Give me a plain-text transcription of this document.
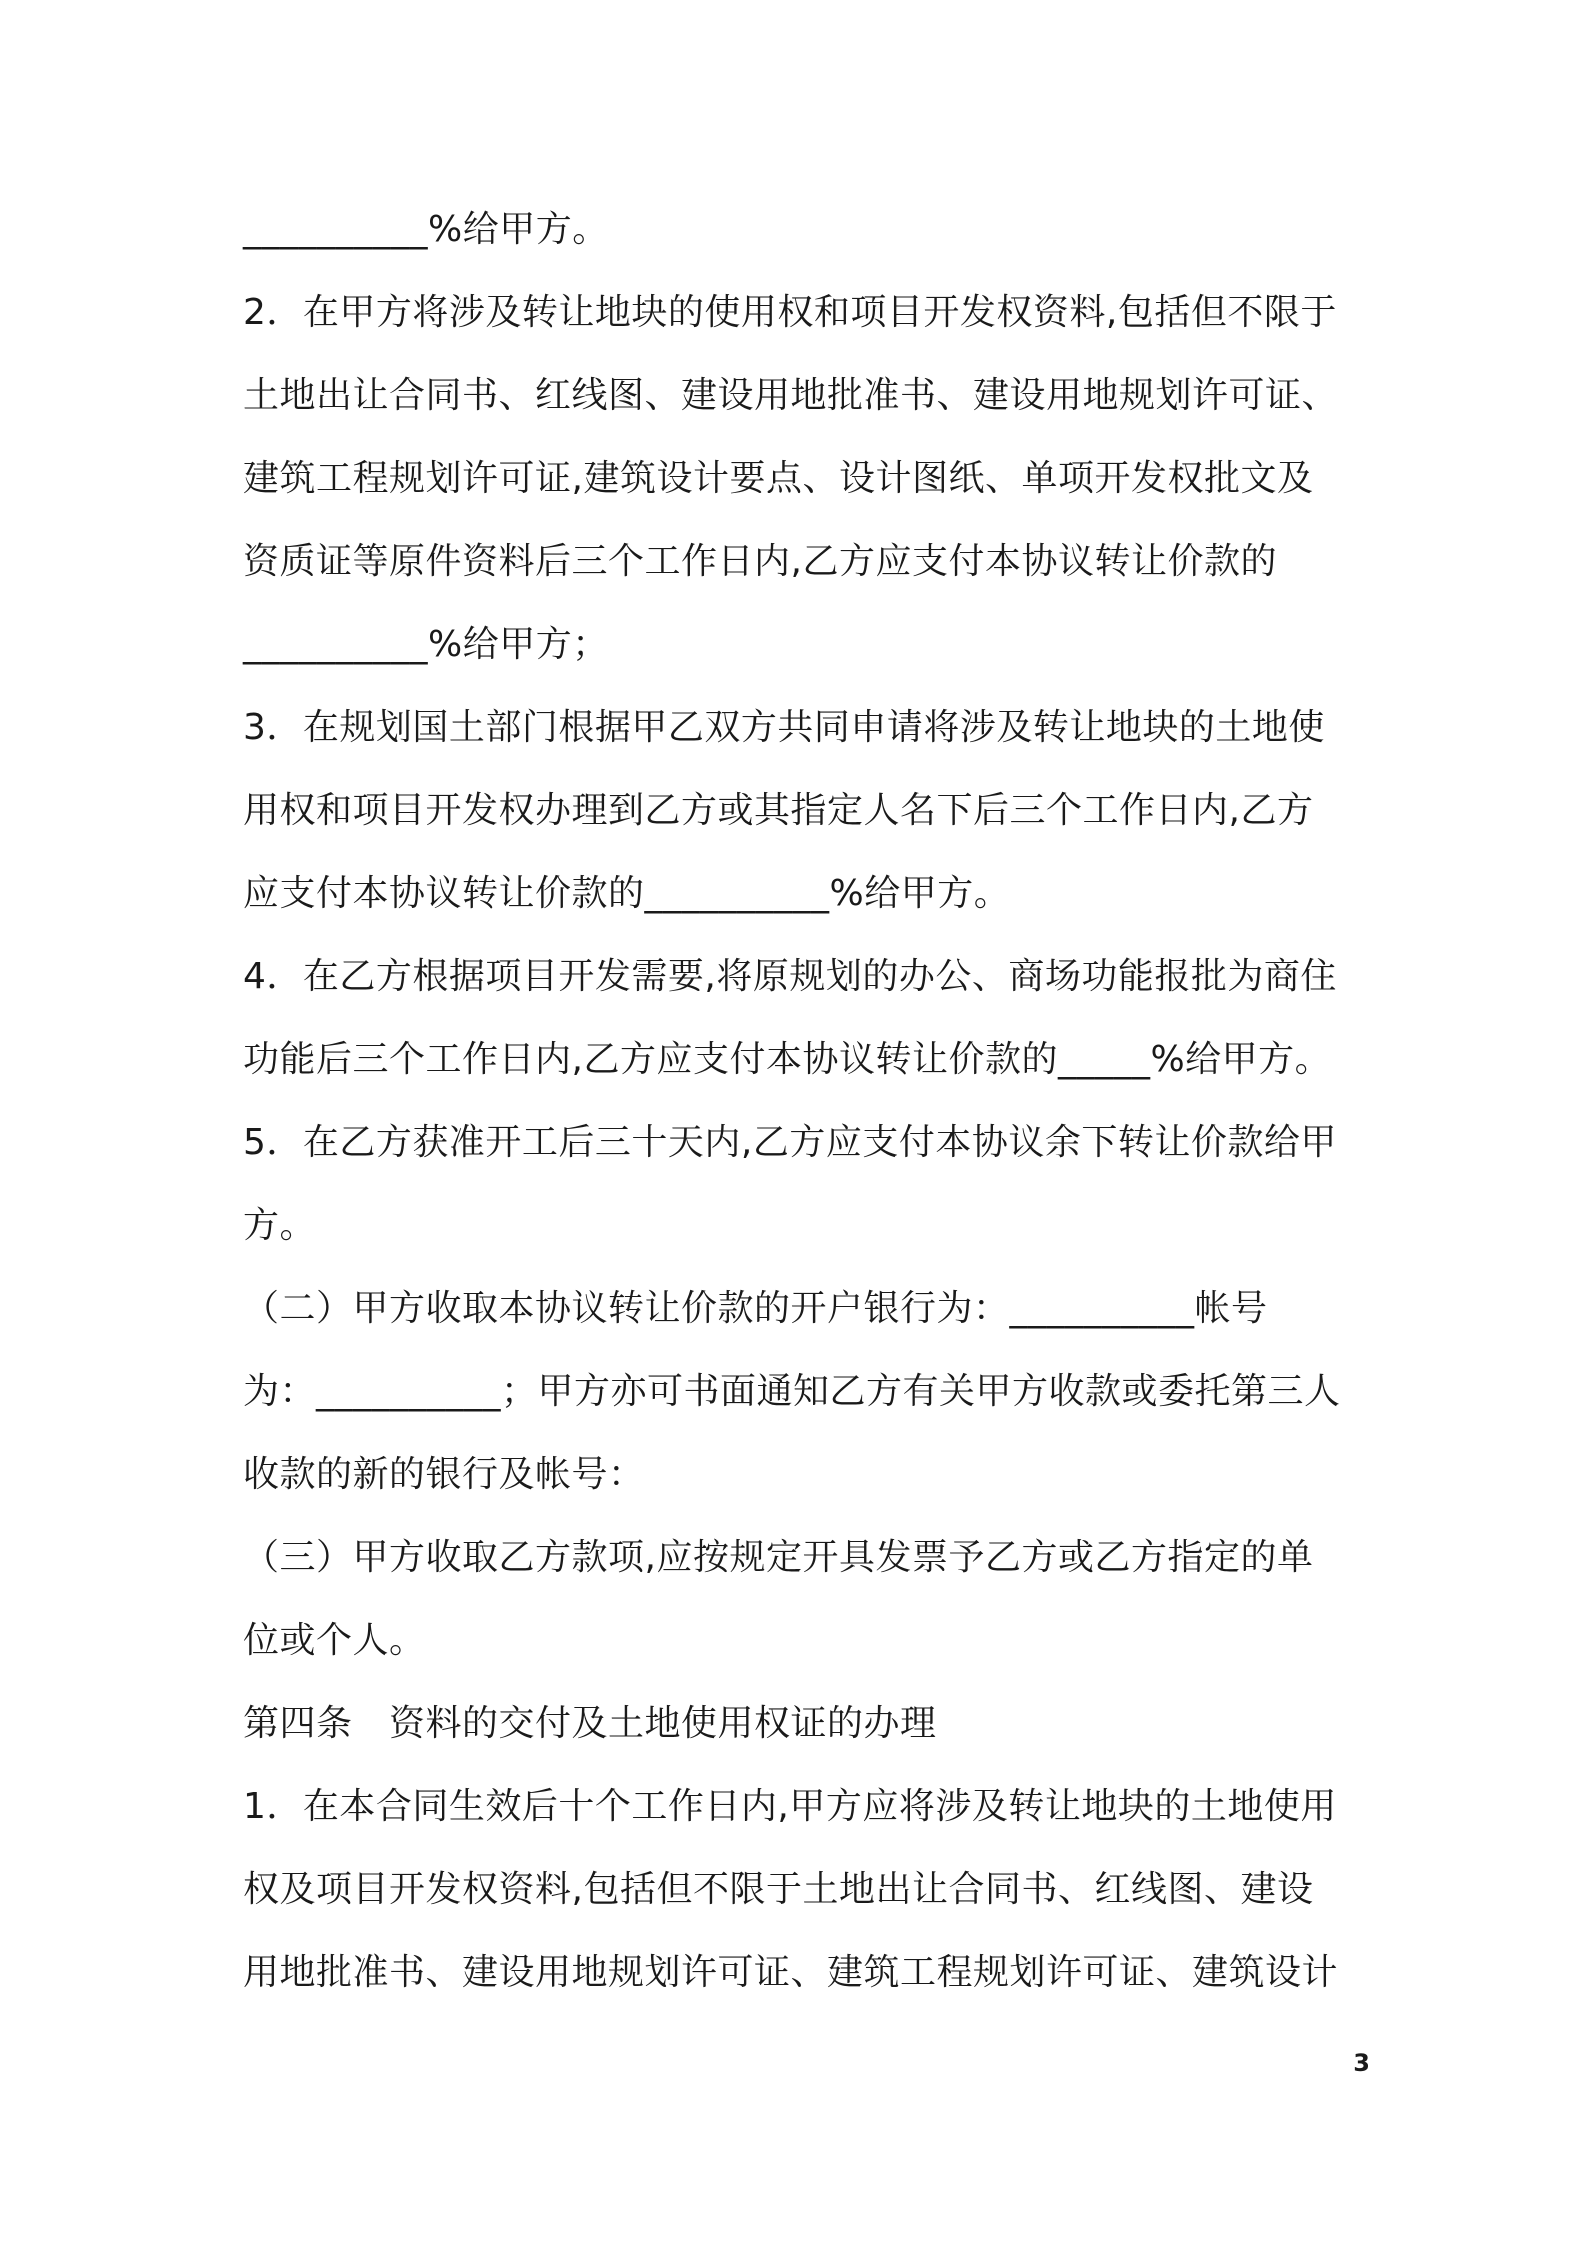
__________%给甲方。
2．在甲方将涉及转让地块的使用权和项目开发权资料,包括但不限于
土地出让合同书、红线图、建设用地批准书、建设用地规划许可证、
建筑工程规划许可证,建筑设计要点、设计图纸、单项开发权批文及
资质证等原件资料后三个工作日内,乙方应支付本协议转让价款的
__________%给甲方；
3．在规划国土部门根据甲乙双方共同申请将涉及转让地块的土地使
用权和项目开发权办理到乙方或其指定人名下后三个工作日内,乙方
应支付本协议转让价款的__________%给甲方。
4．在乙方根据项目开发需要,将原规划的办公、商场功能报批为商住
功能后三个工作日内,乙方应支付本协议转让价款的_____%给甲方。
5．在乙方获准开工后三十天内,乙方应支付本协议余下转让价款给甲
方。
（二）甲方收取本协议转让价款的开户银行为：__________帐号
为：__________；甲方亦可书面通知乙方有关甲方收款或委托第三人
收款的新的银行及帐号：
（三）甲方收取乙方款项,应按规定开具发票予乙方或乙方指定的单
位或个人。
第四条　资料的交付及土地使用权证的办理
1．在本合同生效后十个工作日内,甲方应将涉及转让地块的土地使用
权及项目开发权资料,包括但不限于土地出让合同书、红线图、建设
用地批准书、建设用地规划许可证、建筑工程规划许可证、建筑设计
3
